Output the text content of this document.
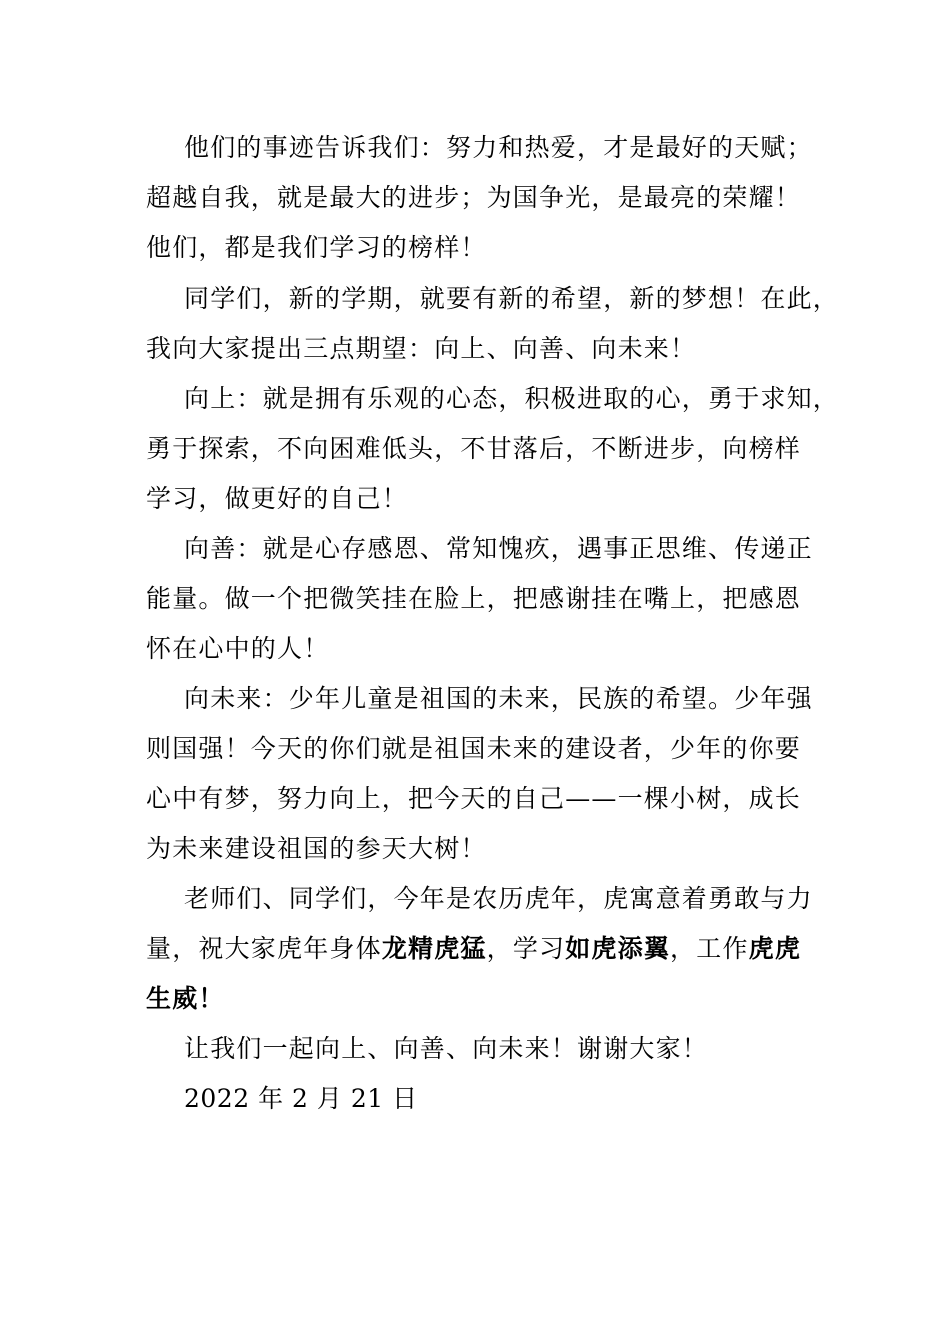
他们的事迹告诉我们：努力和热爱，才是最好的天赋；
超越自我，就是最大的进步；为国争光，是最亮的荣耀！
他们，都是我们学习的榜样！
同学们，新的学期，就要有新的希望，新的梦想！在此，
我向大家提出三点期望：向上、向善、向未来！
向上：就是拥有乐观的心态，积极进取的心，勇于求知，
勇于探索，不向困难低头，不甘落后，不断进步，向榜样
学习，做更好的自己！
向善：就是心存感恩、常知愧疚，遇事正思维、传递正
能量。做一个把微笑挂在脸上，把感谢挂在嘴上，把感恩
怀在心中的人！
向未来：少年儿童是祖国的未来，民族的希望。少年强
则国强！今天的你们就是祖国未来的建设者，少年的你要
心中有梦，努力向上，把今天的自己——一棵小树，成长
为未来建设祖国的参天大树！
老师们、同学们，今年是农历虎年，虎寓意着勇敢与力
量，祝大家虎年身体龙精虎猛，学习如虎添翼，工作虎虎
生威！
让我们一起向上、向善、向未来！谢谢大家！
2022 年 2 月 21 日
